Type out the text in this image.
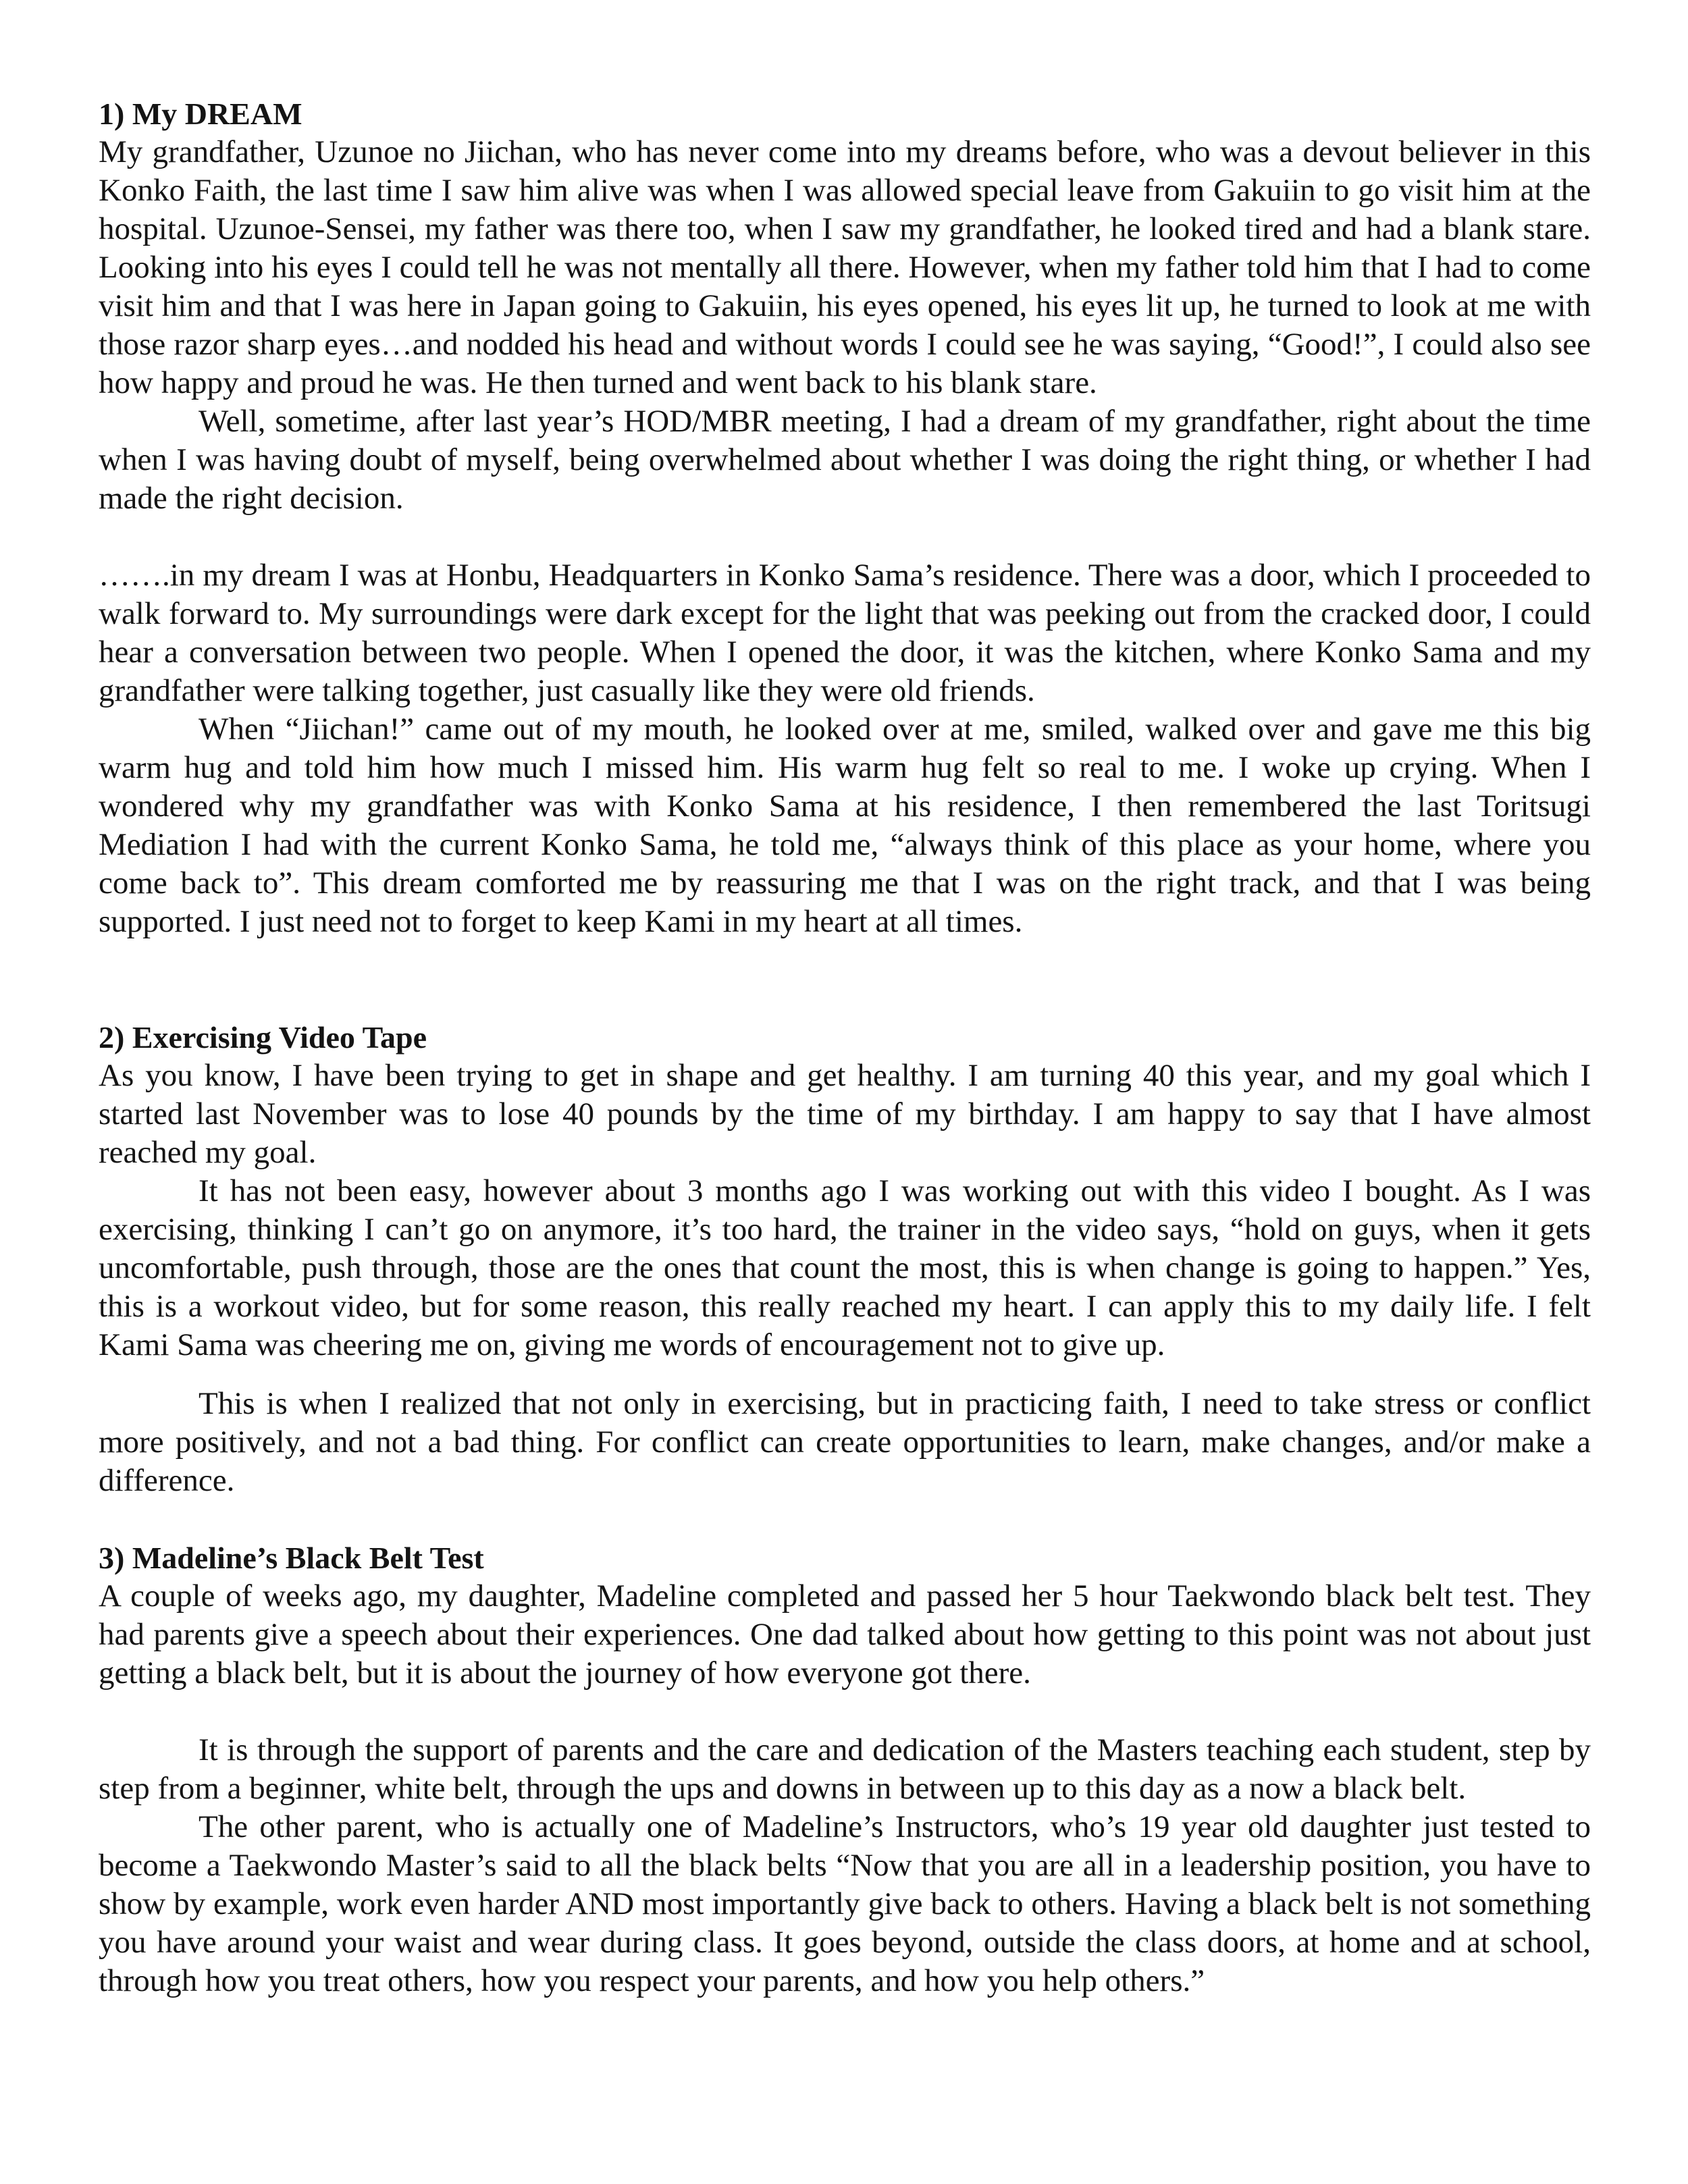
1) My DREAM

My grandfather, Uzunoe no Jiichan, who has never come into my dreams before, who was a devout believer in this Konko Faith, the last time I saw him alive was when I was allowed special leave from Gakuiin to go visit him at the hospital. Uzunoe-Sensei, my father was there too, when I saw my grandfather, he looked tired and had a blank stare. Looking into his eyes I could tell he was not mentally all there. However, when my father told him that I had to come visit him and that I was here in Japan going to Gakuiin, his eyes opened, his eyes lit up, he turned to look at me with those razor sharp eyes…and nodded his head and without words I could see he was saying, “Good!”, I could also see how happy and proud he was. He then turned and went back to his blank stare.

Well, sometime, after last year’s HOD/MBR meeting, I had a dream of my grandfather, right about the time when I was having doubt of myself, being overwhelmed about whether I was doing the right thing, or whether I had made the right decision.

…….in my dream I was at Honbu, Headquarters in Konko Sama’s residence. There was a door, which I proceeded to walk forward to. My surroundings were dark except for the light that was peeking out from the cracked door, I could hear a conversation between two people. When I opened the door, it was the kitchen, where Konko Sama and my grandfather were talking together, just casually like they were old friends.

When “Jiichan!” came out of my mouth, he looked over at me, smiled, walked over and gave me this big warm hug and told him how much I missed him. His warm hug felt so real to me. I woke up crying. When I wondered why my grandfather was with Konko Sama at his residence, I then remembered the last Toritsugi Mediation I had with the current Konko Sama, he told me, “always think of this place as your home, where you come back to”. This dream comforted me by reassuring me that I was on the right track, and that I was being supported. I just need not to forget to keep Kami in my heart at all times.

2) Exercising Video Tape

As you know, I have been trying to get in shape and get healthy. I am turning 40 this year, and my goal which I started last November was to lose 40 pounds by the time of my birthday. I am happy to say that I have almost reached my goal.

It has not been easy, however about 3 months ago I was working out with this video I bought. As I was exercising, thinking I can’t go on anymore, it’s too hard, the trainer in the video says, “hold on guys, when it gets uncomfortable, push through, those are the ones that count the most, this is when change is going to happen.” Yes, this is a workout video, but for some reason, this really reached my heart. I can apply this to my daily life. I felt Kami Sama was cheering me on, giving me words of encouragement not to give up.

This is when I realized that not only in exercising, but in practicing faith, I need to take stress or conflict more positively, and not a bad thing. For conflict can create opportunities to learn, make changes, and/or make a difference.

3) Madeline’s Black Belt Test

A couple of weeks ago, my daughter, Madeline completed and passed her 5 hour Taekwondo black belt test. They had parents give a speech about their experiences. One dad talked about how getting to this point was not about just getting a black belt, but it is about the journey of how everyone got there.

It is through the support of parents and the care and dedication of the Masters teaching each student, step by step from a beginner, white belt, through the ups and downs in between up to this day as a now a black belt.

The other parent, who is actually one of Madeline’s Instructors, who’s 19 year old daughter just tested to become a Taekwondo Master’s said to all the black belts “Now that you are all in a leadership position, you have to show by example, work even harder AND most importantly give back to others. Having a black belt is not something you have around your waist and wear during class. It goes beyond, outside the class doors, at home and at school, through how you treat others, how you respect your parents, and how you help others.”
